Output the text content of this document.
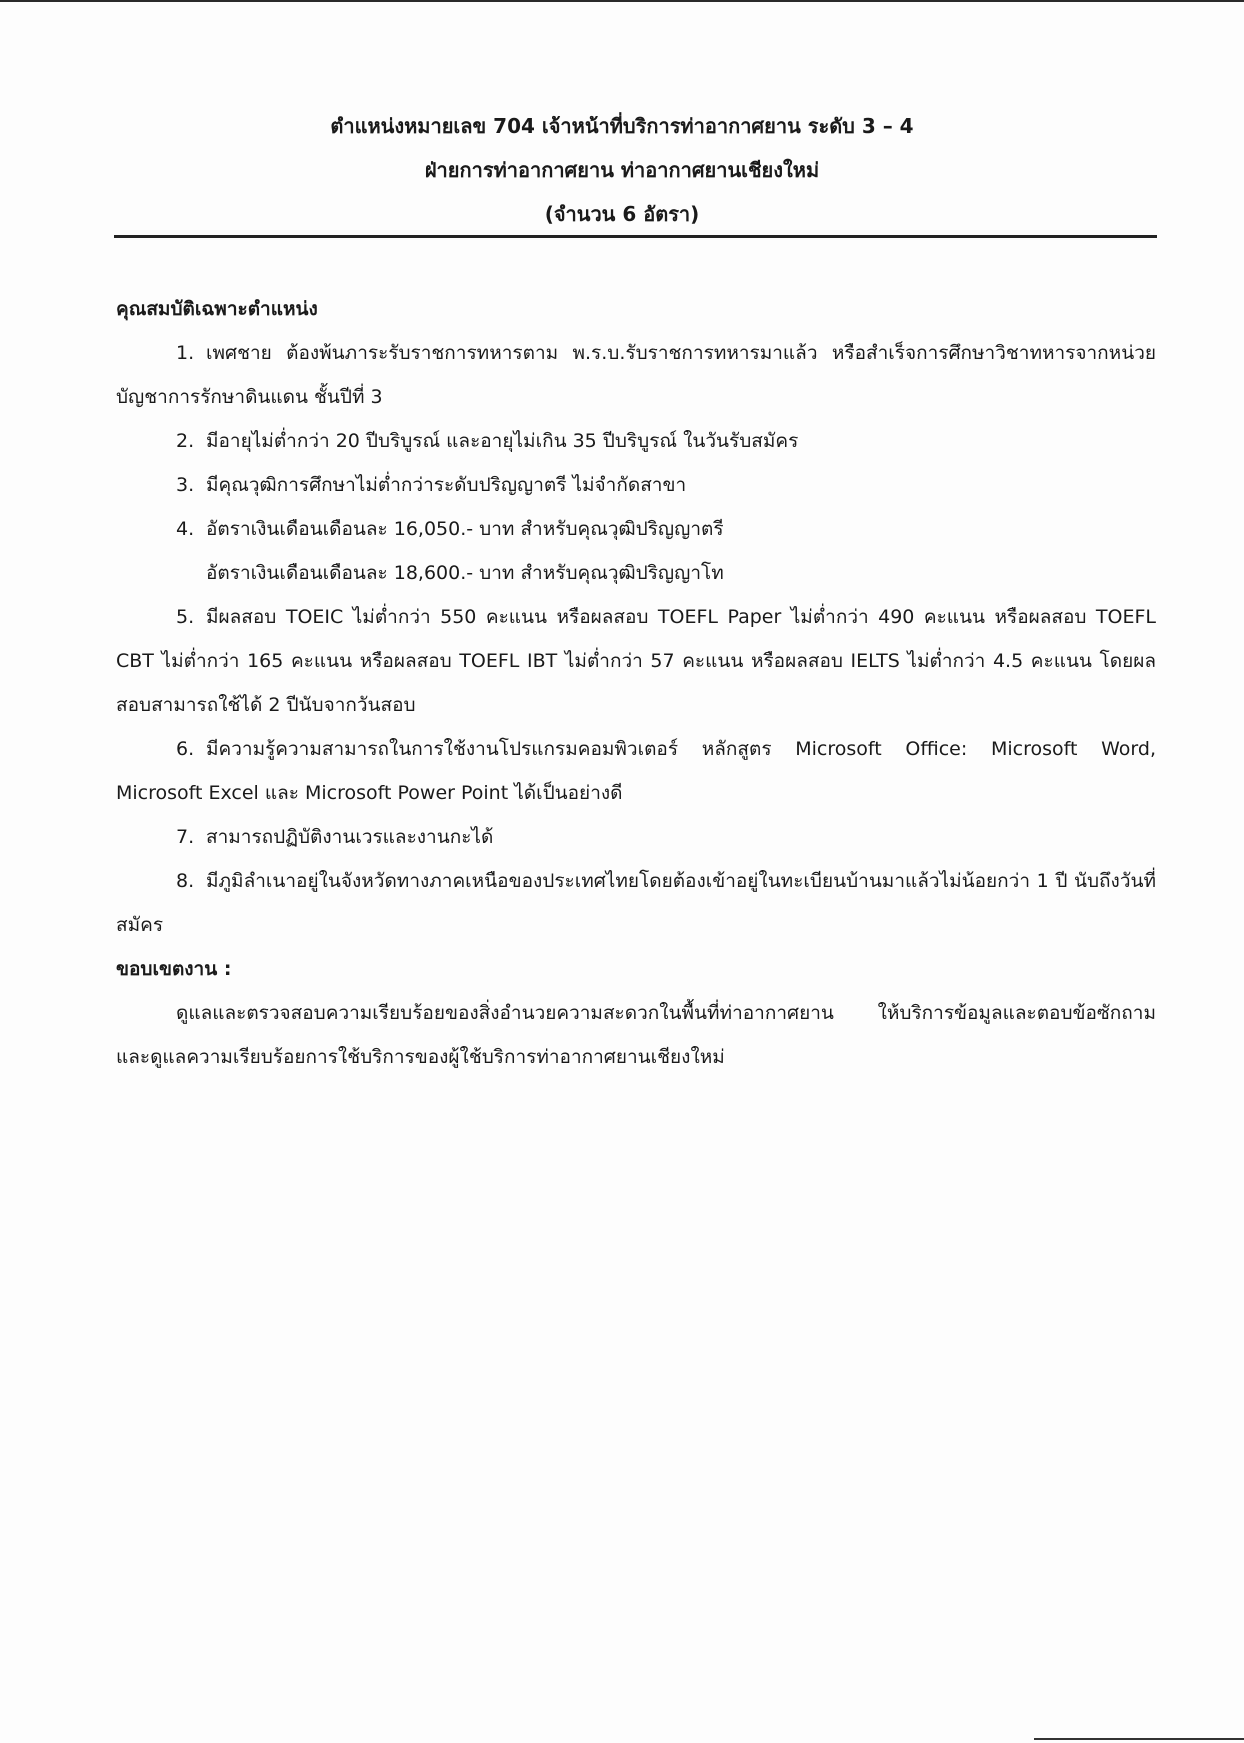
ตำแหน่งหมายเลข 704 เจ้าหน้าที่บริการท่าอากาศยาน ระดับ 3 – 4
ฝ่ายการท่าอากาศยาน ท่าอากาศยานเชียงใหม่
(จำนวน 6 อัตรา)
คุณสมบัติเฉพาะตำแหน่ง
1. เพศชาย ต้องพ้นภาระรับราชการทหารตาม พ.ร.บ.รับราชการทหารมาแล้ว หรือสำเร็จการศึกษาวิชาทหารจากหน่วยบัญชาการรักษาดินแดน ชั้นปีที่ 3
2. มีอายุไม่ต่ำกว่า 20 ปีบริบูรณ์ และอายุไม่เกิน 35 ปีบริบูรณ์ ในวันรับสมัคร
3. มีคุณวุฒิการศึกษาไม่ต่ำกว่าระดับปริญญาตรี ไม่จำกัดสาขา
4. อัตราเงินเดือนเดือนละ 16,050.- บาท สำหรับคุณวุฒิปริญญาตรี
อัตราเงินเดือนเดือนละ 18,600.- บาท สำหรับคุณวุฒิปริญญาโท
5. มีผลสอบ TOEIC ไม่ต่ำกว่า 550 คะแนน หรือผลสอบ TOEFL Paper ไม่ต่ำกว่า 490 คะแนน หรือผลสอบ TOEFL CBT ไม่ต่ำกว่า 165 คะแนน หรือผลสอบ TOEFL IBT ไม่ต่ำกว่า 57 คะแนน หรือผลสอบ IELTS ไม่ต่ำกว่า 4.5 คะแนน โดยผลสอบสามารถใช้ได้ 2 ปีนับจากวันสอบ
6. มีความรู้ความสามารถในการใช้งานโปรแกรมคอมพิวเตอร์ หลักสูตร Microsoft Office: Microsoft Word, Microsoft Excel และ Microsoft Power Point ได้เป็นอย่างดี
7. สามารถปฏิบัติงานเวรและงานกะได้
8. มีภูมิลำเนาอยู่ในจังหวัดทางภาคเหนือของประเทศไทยโดยต้องเข้าอยู่ในทะเบียนบ้านมาแล้วไม่น้อยกว่า 1 ปี นับถึงวันที่สมัคร
ขอบเขตงาน :
ดูแลและตรวจสอบความเรียบร้อยของสิ่งอำนวยความสะดวกในพื้นที่ท่าอากาศยาน ให้บริการข้อมูลและตอบข้อซักถาม และดูแลความเรียบร้อยการใช้บริการของผู้ใช้บริการท่าอากาศยานเชียงใหม่
